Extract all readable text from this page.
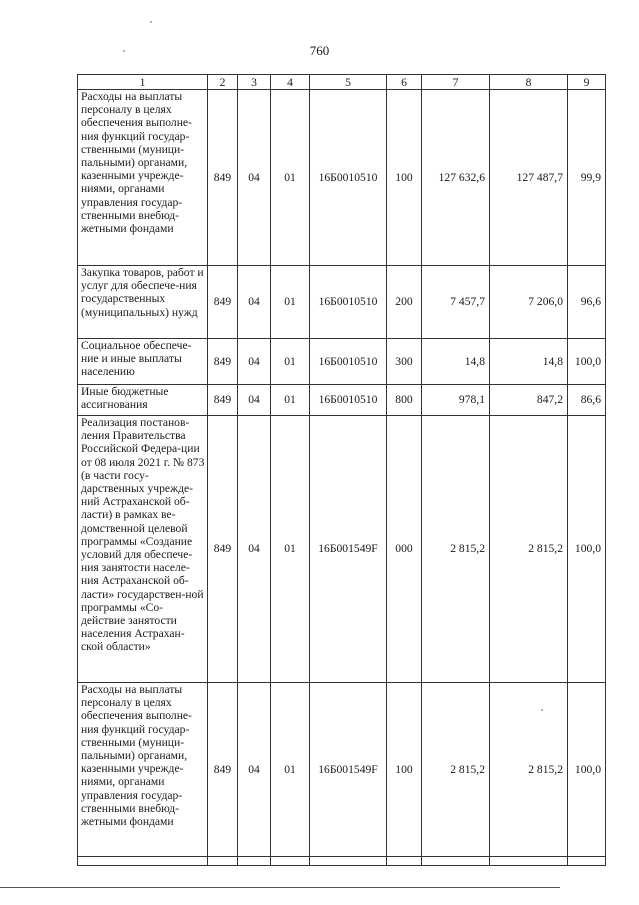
760
1	2	3	4	5	6	7	8	9
Расходы на выплаты персоналу в целях обеспечения выполне-ния функций государ-ственными (муници-пальными) органами, казенными учрежде-ниями, органами управления государ-ственными внебюд-жетными фондами	849	04	01	16Б0010510	100	127 632,6	127 487,7	99,9
Закупка товаров, работ и услуг для обеспече-ния государственных (муниципальных) нужд	849	04	01	16Б0010510	200	7 457,7	7 206,0	96,6
Социальное обеспече-ние и иные выплаты населению	849	04	01	16Б0010510	300	14,8	14,8	100,0
Иные бюджетные ассигнования	849	04	01	16Б0010510	800	978,1	847,2	86,6
Реализация постанов-ления Правительства Российской Федера-ции от 08 июля 2021 г. № 873 (в части госу-дарственных учрежде-ний Астраханской об-ласти) в рамках ве-домственной целевой программы «Создание условий для обеспече-ния занятости населе-ния Астраханской об-ласти» государствен-ной программы «Со-действие занятости населения Астрахан-ской области»	849	04	01	16Б001549F	000	2 815,2	2 815,2	100,0
Расходы на выплаты персоналу в целях обеспечения выполне-ния функций государ-ственными (муници-пальными) органами, казенными учрежде-ниями, органами управления государ-ственными внебюд-жетными фондами	849	04	01	16Б001549F	100	2 815,2	2 815,2	100,0
